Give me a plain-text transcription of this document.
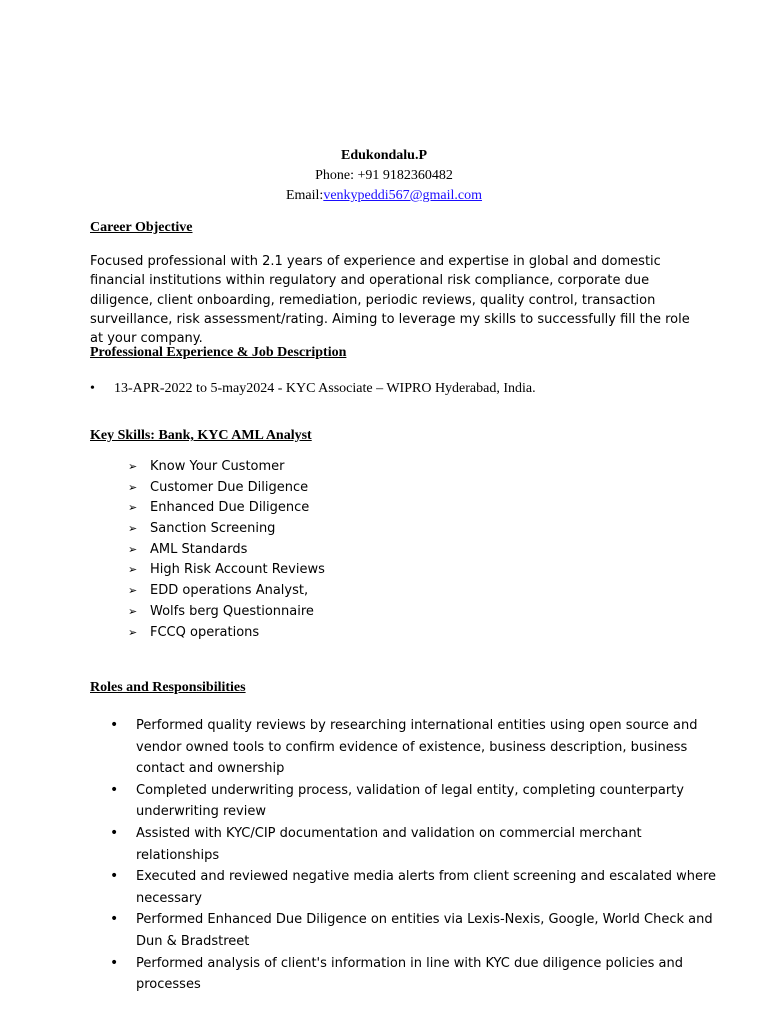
Edukondalu.P
Phone: +91 9182360482
Email:venkypeddi567@gmail.com
Career Objective
Focused professional with 2.1 years of experience and expertise in global and domestic financial institutions within regulatory and operational risk compliance, corporate due diligence, client onboarding, remediation, periodic reviews, quality control, transaction surveillance, risk assessment/rating. Aiming to leverage my skills to successfully fill the role at your company.
Professional Experience & Job Description
• 13-APR-2022 to 5-may2024 - KYC Associate – WIPRO Hyderabad, India.
Key Skills: Bank, KYC AML Analyst
➢ Know Your Customer
➢ Customer Due Diligence
➢ Enhanced Due Diligence
➢ Sanction Screening
➢ AML Standards
➢ High Risk Account Reviews
➢ EDD operations Analyst,
➢ Wolfs berg Questionnaire
➢ FCCQ operations
Roles and Responsibilities
• Performed quality reviews by researching international entities using open source and vendor owned tools to confirm evidence of existence, business description, business contact and ownership
• Completed underwriting process, validation of legal entity, completing counterparty underwriting review
• Assisted with KYC/CIP documentation and validation on commercial merchant relationships
• Executed and reviewed negative media alerts from client screening and escalated where necessary
• Performed Enhanced Due Diligence on entities via Lexis-Nexis, Google, World Check and Dun & Bradstreet
• Performed analysis of client's information in line with KYC due diligence policies and processes
